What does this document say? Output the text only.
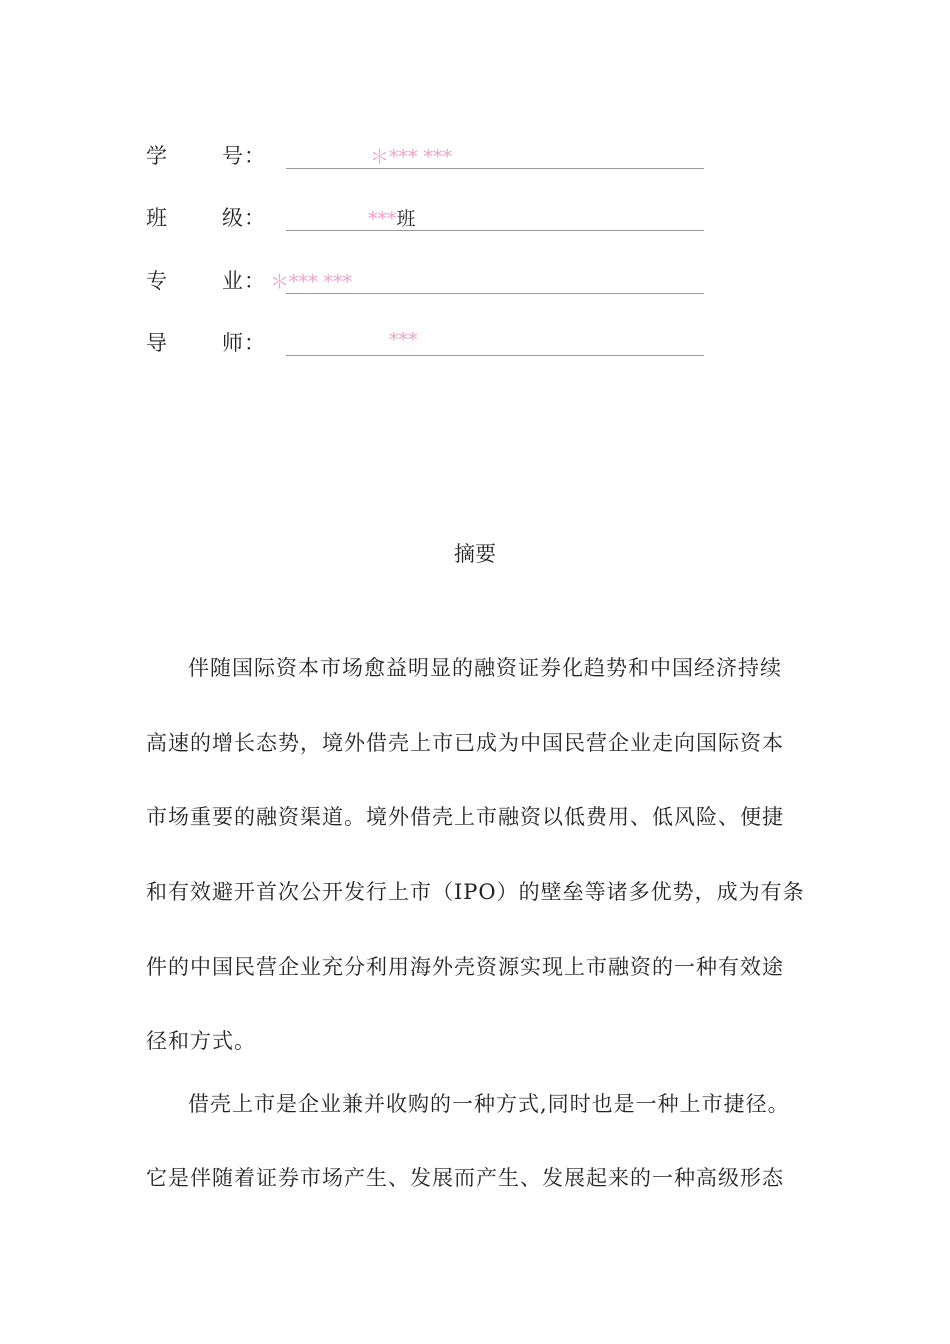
学	号 ：	＊*** ***
班	级 ：	***班
专	业 ： ＊*** ***
导	师 ：	***
摘要
伴随国际资本市场愈益明显的融资证券化趋势和中国经济持续
高速的增长态势，境外借壳上市已成为中国民营企业走向国际资本
市场重要的融资渠道。境外借壳上市融资以低费用、低风险、便捷
和有效避开首次公开发行上市（IPO）的壁垒等诸多优势，成为有条
件的中国民营企业充分利用海外壳资源实现上市融资的一种有效途
径和方式。
借壳上市是企业兼并收购的一种方式,同时也是一种上市捷径。
它是伴随着证券市场产生、发展而产生、发展起来的一种高级形态
